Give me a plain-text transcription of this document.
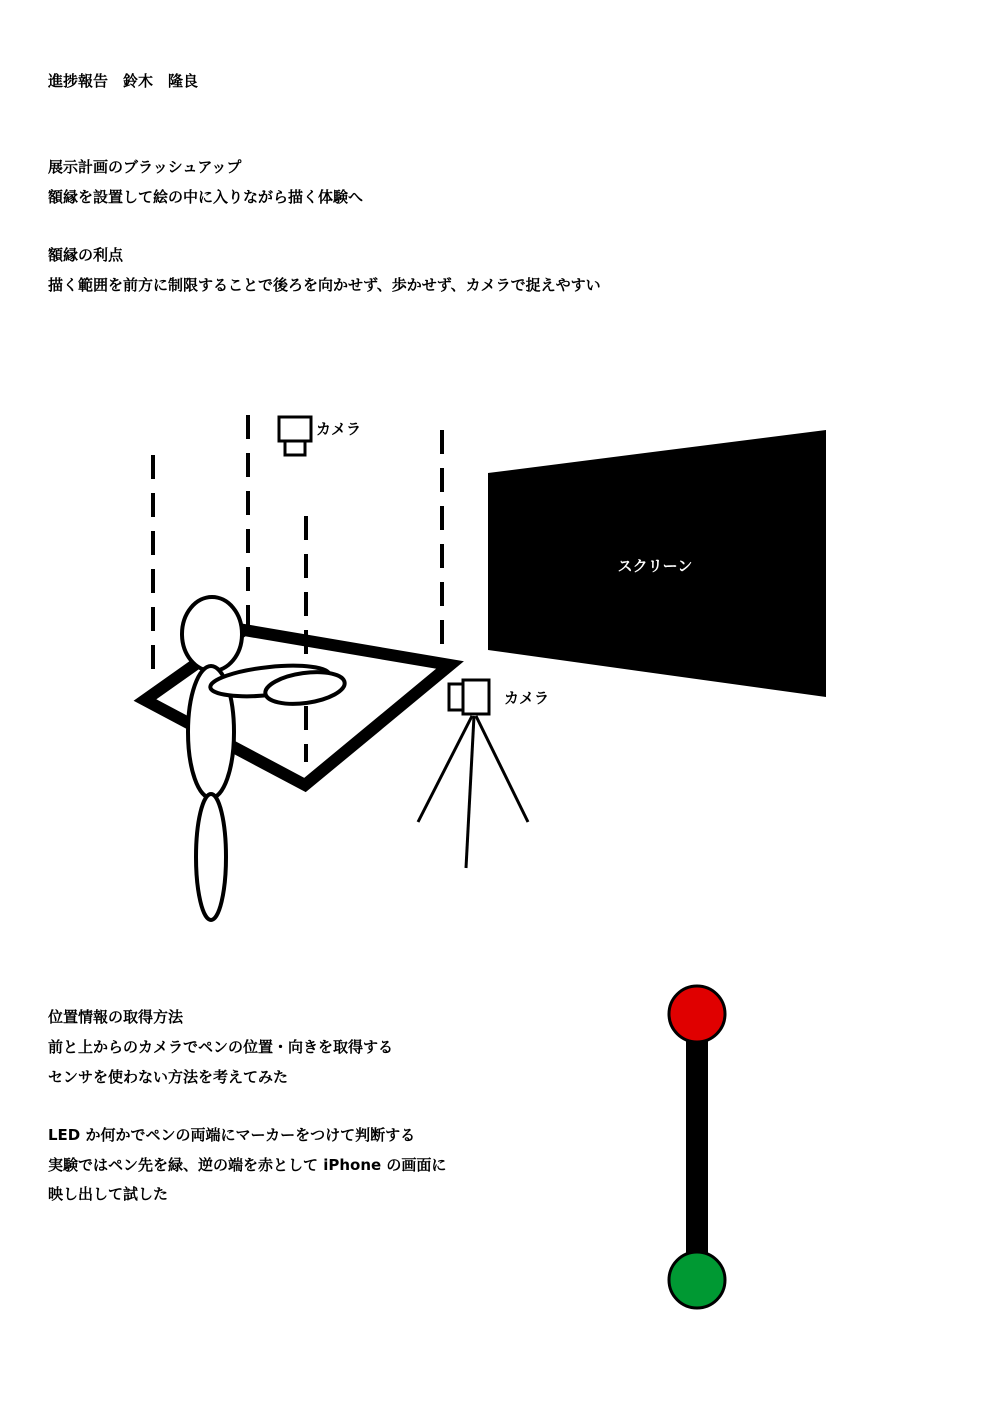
進捗報告　鈴木　隆良
展示計画のブラッシュアップ
額縁を設置して絵の中に入りながら描く体験へ
額縁の利点
描く範囲を前方に制限することで後ろを向かせず、歩かせず、カメラで捉えやすい
カメラ
スクリーン
カメラ
位置情報の取得方法
前と上からのカメラでペンの位置・向きを取得する
センサを使わない方法を考えてみた
LED か何かでペンの両端にマーカーをつけて判断する
実験ではペン先を緑、逆の端を赤として iPhone の画面に
映し出して試した
